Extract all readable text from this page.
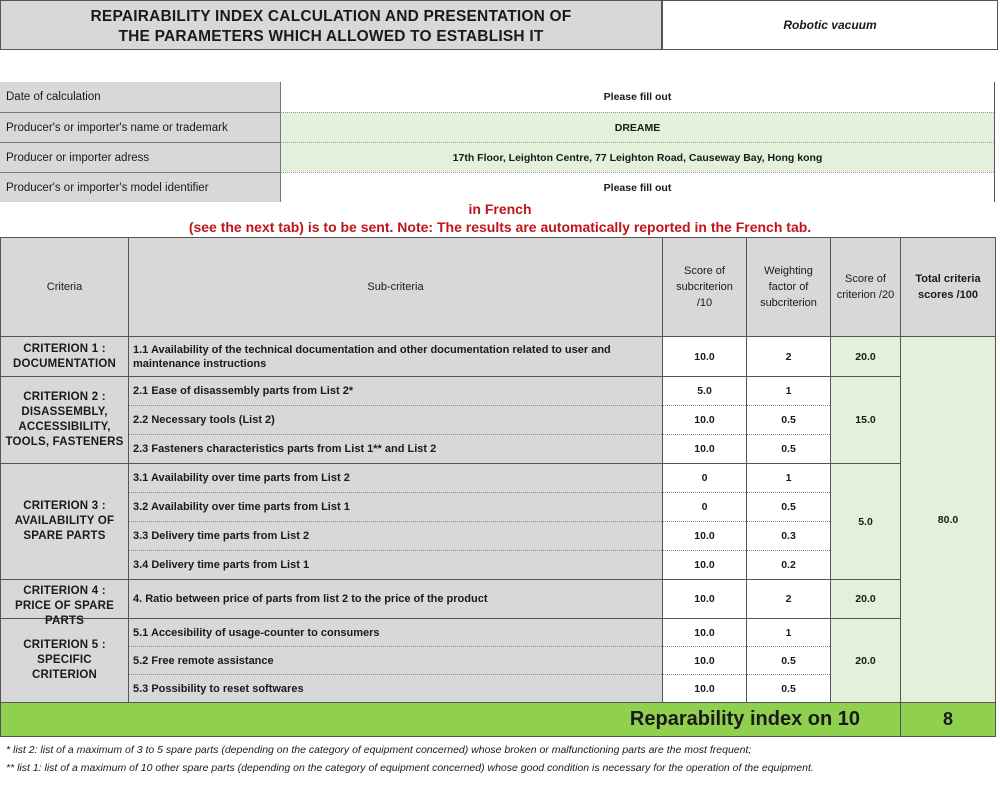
REPAIRABILITY INDEX CALCULATION AND PRESENTATION OF
THE PARAMETERS WHICH ALLOWED TO ESTABLISH IT
Robotic vacuum
Date of calculation	Please fill out
Producer's or importer's name or trademark	DREAME
Producer or importer adress	17th Floor, Leighton Centre, 77 Leighton Road, Causeway Bay, Hong kong
Producer's or importer's model identifier	Please fill out
in French
(see the next tab) is to be sent. Note: The results are automatically reported in the French tab.
Criteria	Sub-criteria	Score of subcriterion /10	Weighting factor of subcriterion	Score of criterion /20	Total criteria scores /100
CRITERION 1 : DOCUMENTATION	1.1 Availability of the technical documentation and other documentation related to user and maintenance instructions	10.0	2	20.0	80.0
CRITERION 2 : DISASSEMBLY, ACCESSIBILITY, TOOLS, FASTENERS	2.1 Ease of disassembly parts from List 2*	5.0	1	15.0	
	2.2 Necessary tools (List 2)	10.0	0.5		
	2.3 Fasteners characteristics parts from List 1** and List 2	10.0	0.5		
CRITERION 3 : AVAILABILITY OF SPARE PARTS	3.1 Availability over time parts from List 2	0	1	5.0	
	3.2 Availability over time parts from List 1	0	0.5		
	3.3 Delivery time parts from List 2	10.0	0.3		
	3.4 Delivery time parts from List 1	10.0	0.2		

CRITERION 4 : PRICE OF SPARE PARTS	4. Ratio between price of parts from list 2 to the price of the product	10.0	2	20.0	
CRITERION 5 : SPECIFIC CRITERION	5.1 Accesibility of usage-counter to consumers	10.0	1	20.0	
	5.2 Free remote assistance	10.0	0.5		
	5.3 Possibility to reset softwares	10.0	0.5		
Reparability index on 10					8
* list 2: list of a maximum of 3 to 5 spare parts (depending on the category of equipment concerned) whose broken or malfunctioning parts are the most frequent;
** list 1: list of a maximum of 10 other spare parts (depending on the category of equipment concerned) whose good condition is necessary for the operation of the equipment.
